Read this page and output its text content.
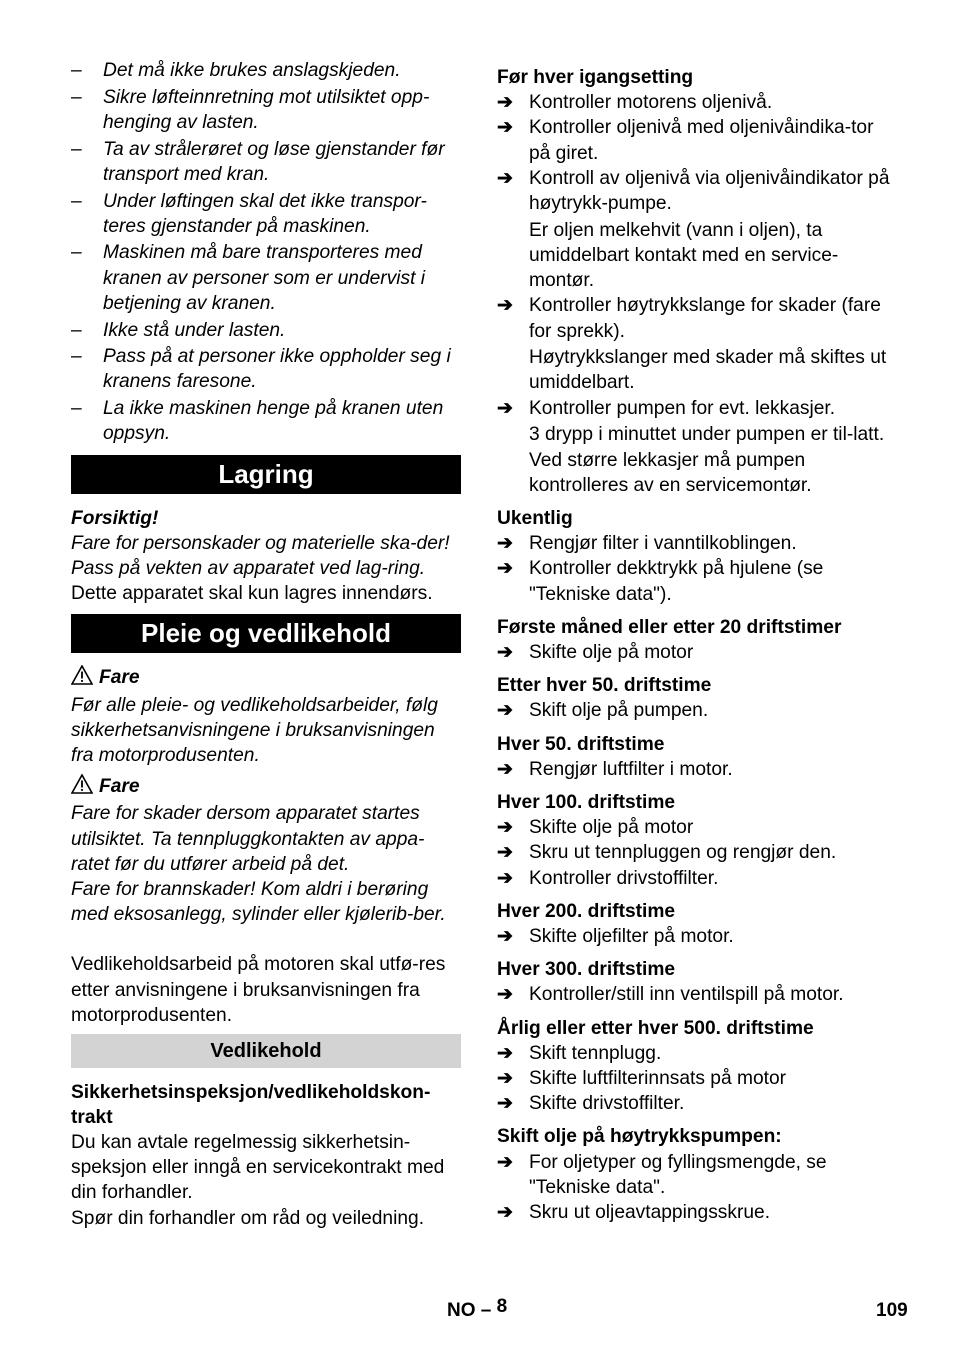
– Det må ikke brukes anslagskjeden.
– Sikre løfteinnretning mot utilsiktet opp-henging av lasten.
– Ta av strålerøret og løse gjenstander før transport med kran.
– Under løftingen skal det ikke transpor-teres gjenstander på maskinen.
– Maskinen må bare transporteres med kranen av personer som er undervist i betjening av kranen.
– Ikke stå under lasten.
– Pass på at personer ikke oppholder seg i kranens faresone.
– La ikke maskinen henge på kranen uten oppsyn.
Lagring
Forsiktig!
Fare for personskader og materielle ska-der! Pass på vekten av apparatet ved lag-ring.
Dette apparatet skal kun lagres innendørs.
Pleie og vedlikehold
Fare
Før alle pleie- og vedlikeholdsarbeider, følg sikkerhetsanvisningene i bruksanvisningen fra motorprodusenten.
Fare
Fare for skader dersom apparatet startes utilsiktet. Ta tennpluggkontakten av appa-ratet før du utfører arbeid på det.
Fare for brannskader! Kom aldri i berøring med eksosanlegg, sylinder eller kjølerib-ber.
Vedlikeholdsarbeid på motoren skal utfø-res etter anvisningene i bruksanvisningen fra motorprodusenten.
Vedlikehold
Sikkerhetsinspeksjon/vedlikeholdskon-trakt
Du kan avtale regelmessig sikkerhetsin-speksjon eller inngå en servicekontrakt med din forhandler.
Spør din forhandler om råd og veiledning.
Før hver igangsetting
➔ Kontroller motorens oljenivå.
➔ Kontroller oljenivå med oljenivåindika-tor på giret.
➔ Kontroll av oljenivå via oljenivåindikator på høytrykk-pumpe.
Er oljen melkehvit (vann i oljen), ta umiddelbart kontakt med en service-montør.
➔ Kontroller høytrykkslange for skader (fare for sprekk).
Høytrykkslanger med skader må skiftes ut umiddelbart.
➔ Kontroller pumpen for evt. lekkasjer.
3 drypp i minuttet under pumpen er til-latt. Ved større lekkasjer må pumpen kontrolleres av en servicemontør.
Ukentlig
➔ Rengjør filter i vanntilkoblingen.
➔ Kontroller dekktrykk på hjulene (se "Tekniske data").
Første måned eller etter 20 driftstimer
➔ Skifte olje på motor
Etter hver 50. driftstime
➔ Skift olje på pumpen.
Hver 50. driftstime
➔ Rengjør luftfilter i motor.
Hver 100. driftstime
➔ Skifte olje på motor
➔ Skru ut tennpluggen og rengjør den.
➔ Kontroller drivstoffilter.
Hver 200. driftstime
➔ Skifte oljefilter på motor.
Hver 300. driftstime
➔ Kontroller/still inn ventilspill på motor.
Årlig eller etter hver 500. driftstime
➔ Skift tennplugg.
➔ Skifte luftfilterinnsats på motor
➔ Skifte drivstoffilter.
Skift olje på høytrykkspumpen:
➔ For oljetyper og fyllingsmengde, se "Tekniske data".
➔ Skru ut oljeavtappingsskrue.
NO – 8	109
